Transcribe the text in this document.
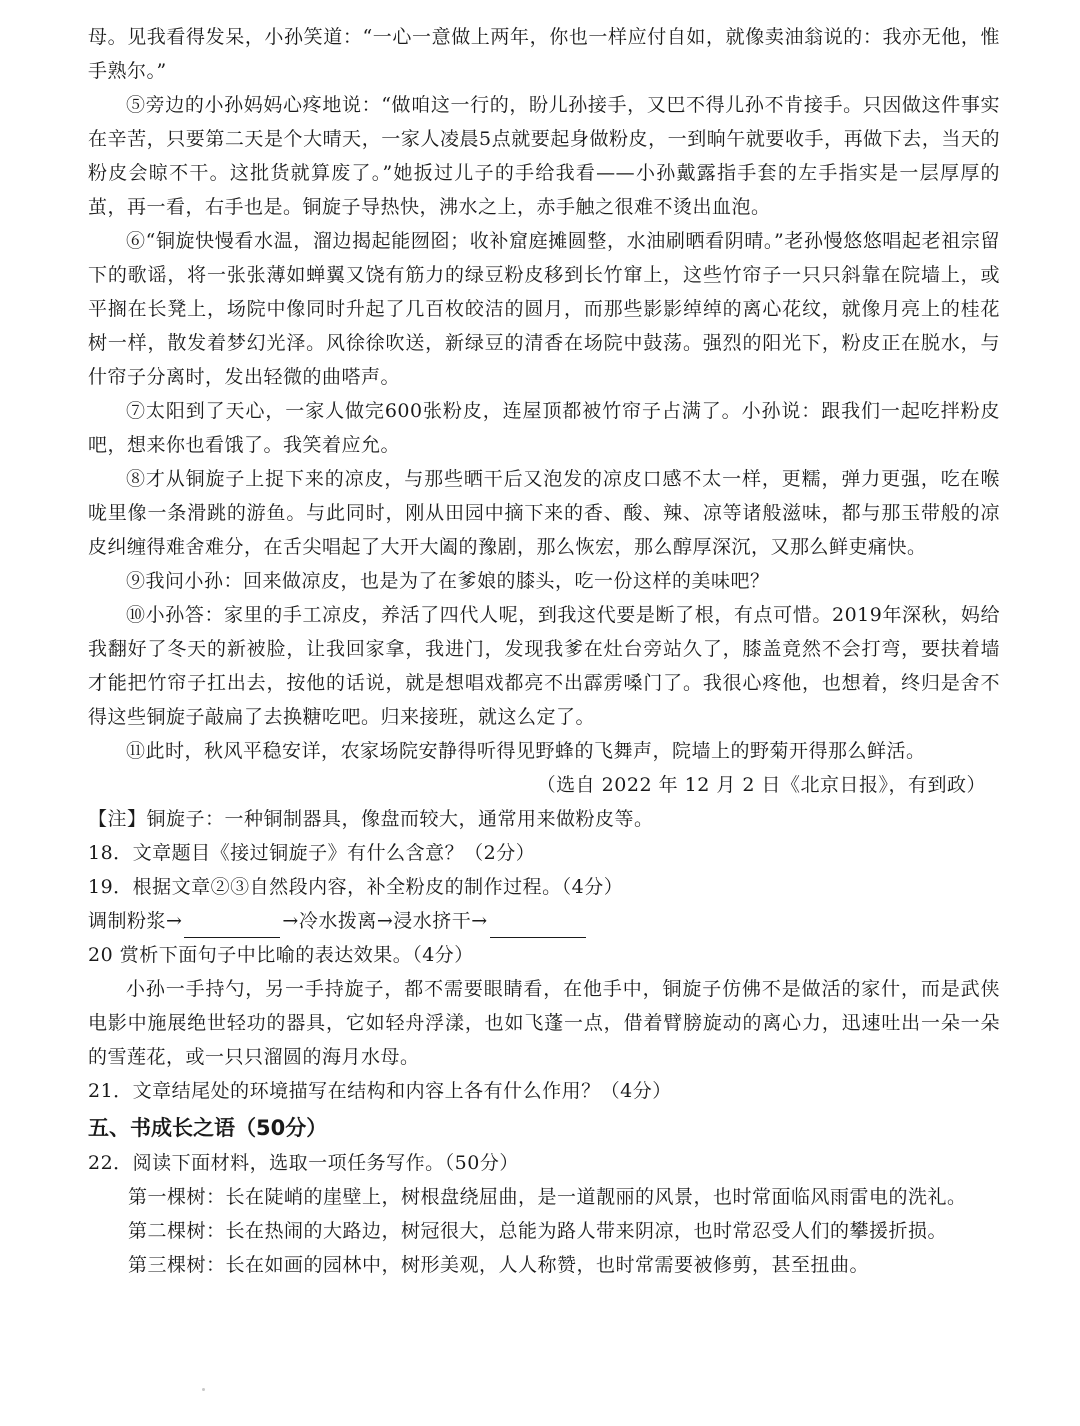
母。见我看得发呆，小孙笑道：“一心一意做上两年，你也一样应付自如，就像卖油翁说的：我亦无他，惟手熟尔。”

⑤旁边的小孙妈妈心疼地说：“做咱这一行的，盼儿孙接手，又巴不得儿孙不肯接手。只因做这件事实在辛苦，只要第二天是个大晴天，一家人凌晨5点就要起身做粉皮，一到晌午就要收手，再做下去，当天的粉皮会晾不干。这批货就算废了。”她扳过儿子的手给我看——小孙戴露指手套的左手指实是一层厚厚的茧，再一看，右手也是。铜旋子导热快，沸水之上，赤手触之很难不烫出血泡。

⑥“铜旋快慢看水温，溜边揭起能囫囵；收补窟庭摊圆整，水油刷晒看阴晴。”老孙慢悠悠唱起老祖宗留下的歌谣，将一张张薄如蝉翼又饶有筋力的绿豆粉皮移到长竹窜上，这些竹帘子一只只斜靠在院墙上，或平搁在长凳上，场院中像同时升起了几百枚皎洁的圆月，而那些影影绰绰的离心花纹，就像月亮上的桂花树一样，散发着梦幻光泽。风徐徐吹送，新绿豆的清香在场院中鼓荡。强烈的阳光下，粉皮正在脱水，与什帘子分离时，发出轻微的曲嗒声。

⑦太阳到了天心，一家人做完600张粉皮，连屋顶都被竹帘子占满了。小孙说：跟我们一起吃拌粉皮吧，想来你也看饿了。我笑着应允。

⑧才从铜旋子上捉下来的凉皮，与那些晒干后又泡发的凉皮口感不太一样，更糯，弹力更强，吃在喉咙里像一条滑跳的游鱼。与此同时，刚从田园中摘下来的香、酸、辣、凉等诸般滋味，都与那玉带般的凉皮纠缠得难舍难分，在舌尖唱起了大开大阖的豫剧，那么恢宏，那么醇厚深沉，又那么鲜吏痛快。

⑨我问小孙：回来做凉皮，也是为了在爹娘的膝头，吃一份这样的美味吧？

⑩小孙答：家里的手工凉皮，养活了四代人呢，到我这代要是断了根，有点可惜。2019年深秋，妈给我翻好了冬天的新被脸，让我回家拿，我进门，发现我爹在灶台旁站久了，膝盖竟然不会打弯，要扶着墙才能把竹帘子扛出去，按他的话说，就是想唱戏都亮不出霹雳嗓门了。我很心疼他，也想着，终归是舍不得这些铜旋子敲扁了去换糖吃吧。归来接班，就这么定了。

⑪此时，秋风平稳安详，农家场院安静得听得见野蜂的飞舞声，院墙上的野菊开得那么鲜活。

（选自 2022 年 12 月 2 日《北京日报》，有到政）

【注】铜旋子：一种铜制器具，像盘而较大，通常用来做粉皮等。

18．文章题目《接过铜旋子》有什么含意？（2分）

19．根据文章②③自然段内容，补全粉皮的制作过程。（4分）

调制粉浆→	→冷水拨离→浸水挤干→

20 赏析下面句子中比喻的表达效果。（4分）

小孙一手持勺，另一手持旋子，都不需要眼睛看，在他手中，铜旋子仿佛不是做活的家什，而是武侠电影中施展绝世轻功的器具，它如轻舟浮漾，也如飞蓬一点，借着臂膀旋动的离心力，迅速吐出一朵一朵的雪莲花，或一只只溜圆的海月水母。

21．文章结尾处的环境描写在结构和内容上各有什么作用？（4分）

五、书成长之语（50分）

22．阅读下面材料，选取一项任务写作。（50分）

第一棵树：长在陡峭的崖壁上，树根盘绕屈曲，是一道靓丽的风景，也时常面临风雨雷电的洗礼。

第二棵树：长在热闹的大路边，树冠很大，总能为路人带来阴凉，也时常忍受人们的攀援折损。

第三棵树：长在如画的园林中，树形美观，人人称赞，也时常需要被修剪，甚至扭曲。
